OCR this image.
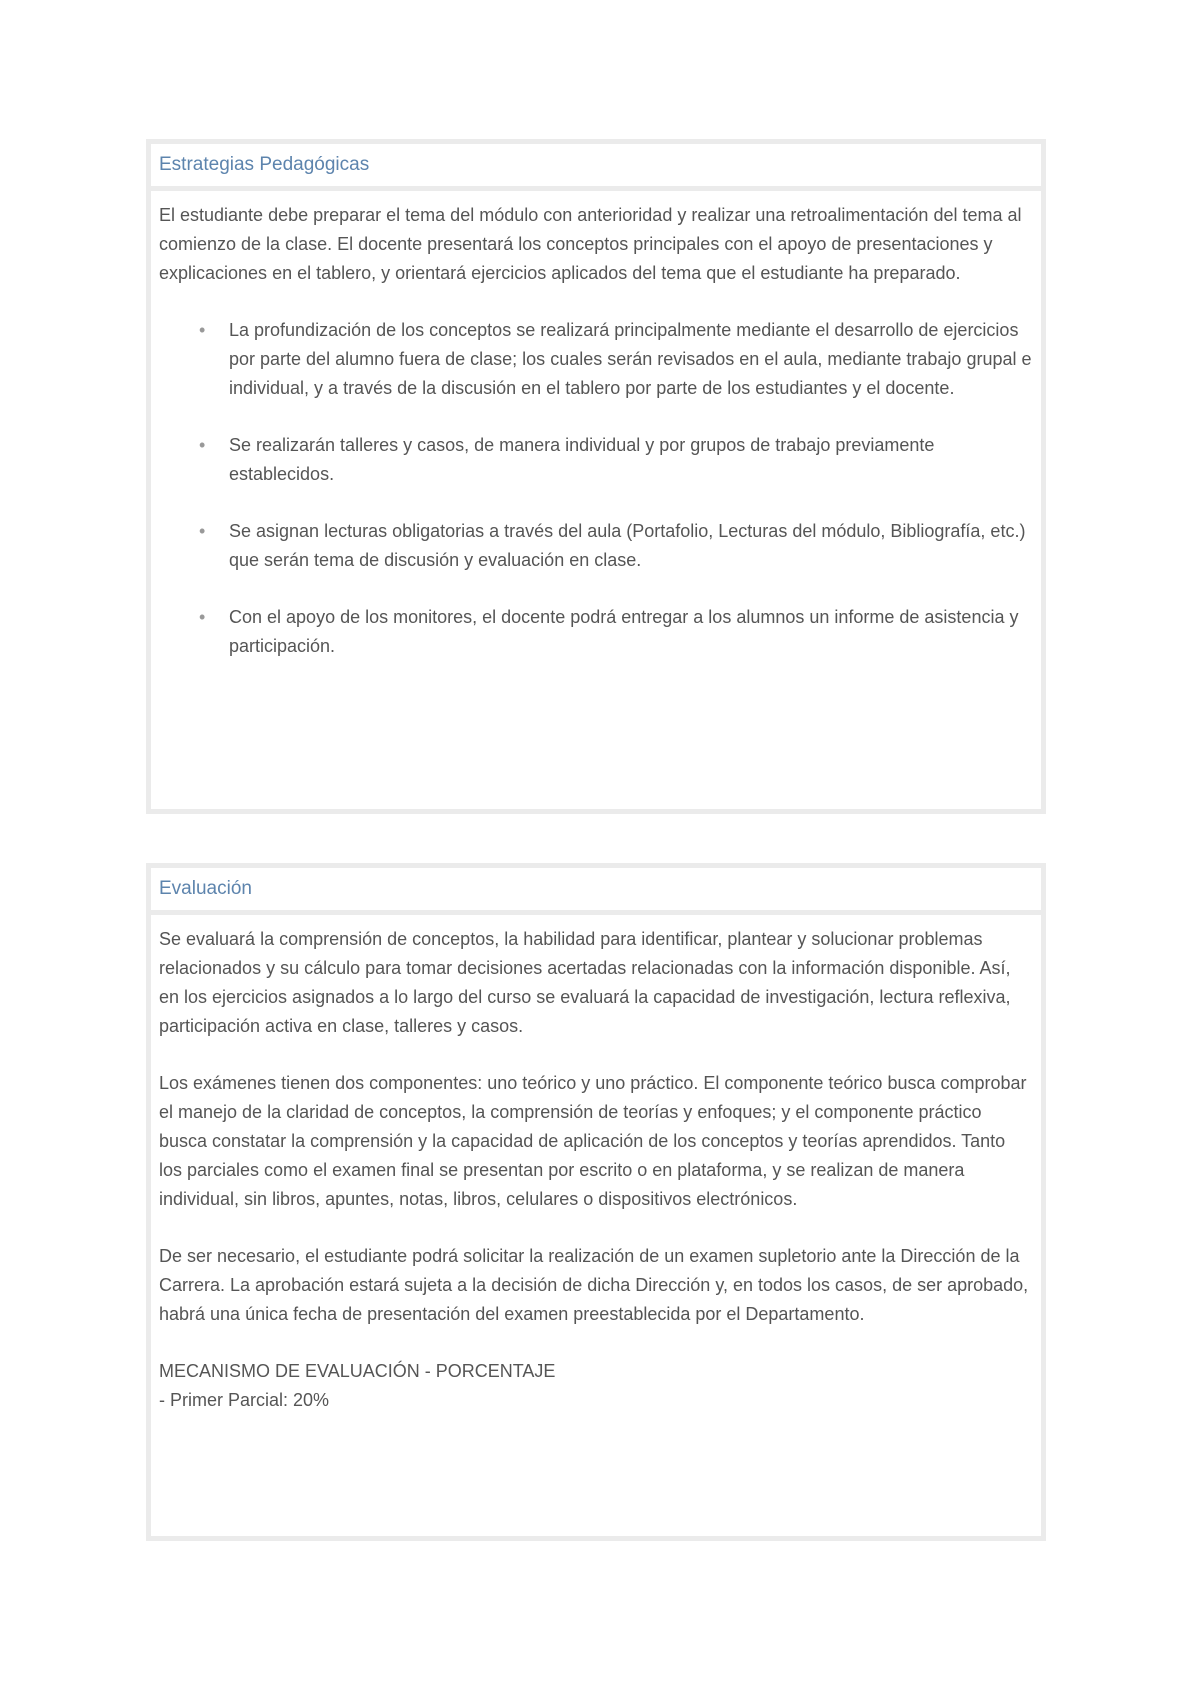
Estrategias Pedagógicas

El estudiante debe preparar el tema del módulo con anterioridad y realizar una retroalimentación del tema al comienzo de la clase. El docente presentará los conceptos principales con el apoyo de presentaciones y explicaciones en el tablero, y orientará ejercicios aplicados del tema que el estudiante ha preparado.

• La profundización de los conceptos se realizará principalmente mediante el desarrollo de ejercicios por parte del alumno fuera de clase; los cuales serán revisados en el aula, mediante trabajo grupal e individual, y a través de la discusión en el tablero por parte de los estudiantes y el docente.
• Se realizarán talleres y casos, de manera individual y por grupos de trabajo previamente establecidos.
• Se asignan lecturas obligatorias a través del aula (Portafolio, Lecturas del módulo, Bibliografía, etc.) que serán tema de discusión y evaluación en clase.
• Con el apoyo de los monitores, el docente podrá entregar a los alumnos un informe de asistencia y participación.
Evaluación

Se evaluará la comprensión de conceptos, la habilidad para identificar, plantear y solucionar problemas relacionados y su cálculo para tomar decisiones acertadas relacionadas con la información disponible. Así, en los ejercicios asignados a lo largo del curso se evaluará la capacidad de investigación, lectura reflexiva, participación activa en clase, talleres y casos.

Los exámenes tienen dos componentes: uno teórico y uno práctico. El componente teórico busca comprobar el manejo de la claridad de conceptos, la comprensión de teorías y enfoques; y el componente práctico busca constatar la comprensión y la capacidad de aplicación de los conceptos y teorías aprendidos. Tanto los parciales como el examen final se presentan por escrito o en plataforma, y se realizan de manera individual, sin libros, apuntes, notas, libros, celulares o dispositivos electrónicos.

De ser necesario, el estudiante podrá solicitar la realización de un examen supletorio ante la Dirección de la Carrera. La aprobación estará sujeta a la decisión de dicha Dirección y, en todos los casos, de ser aprobado, habrá una única fecha de presentación del examen preestablecida por el Departamento.

MECANISMO DE EVALUACIÓN - PORCENTAJE
- Primer Parcial: 20%
